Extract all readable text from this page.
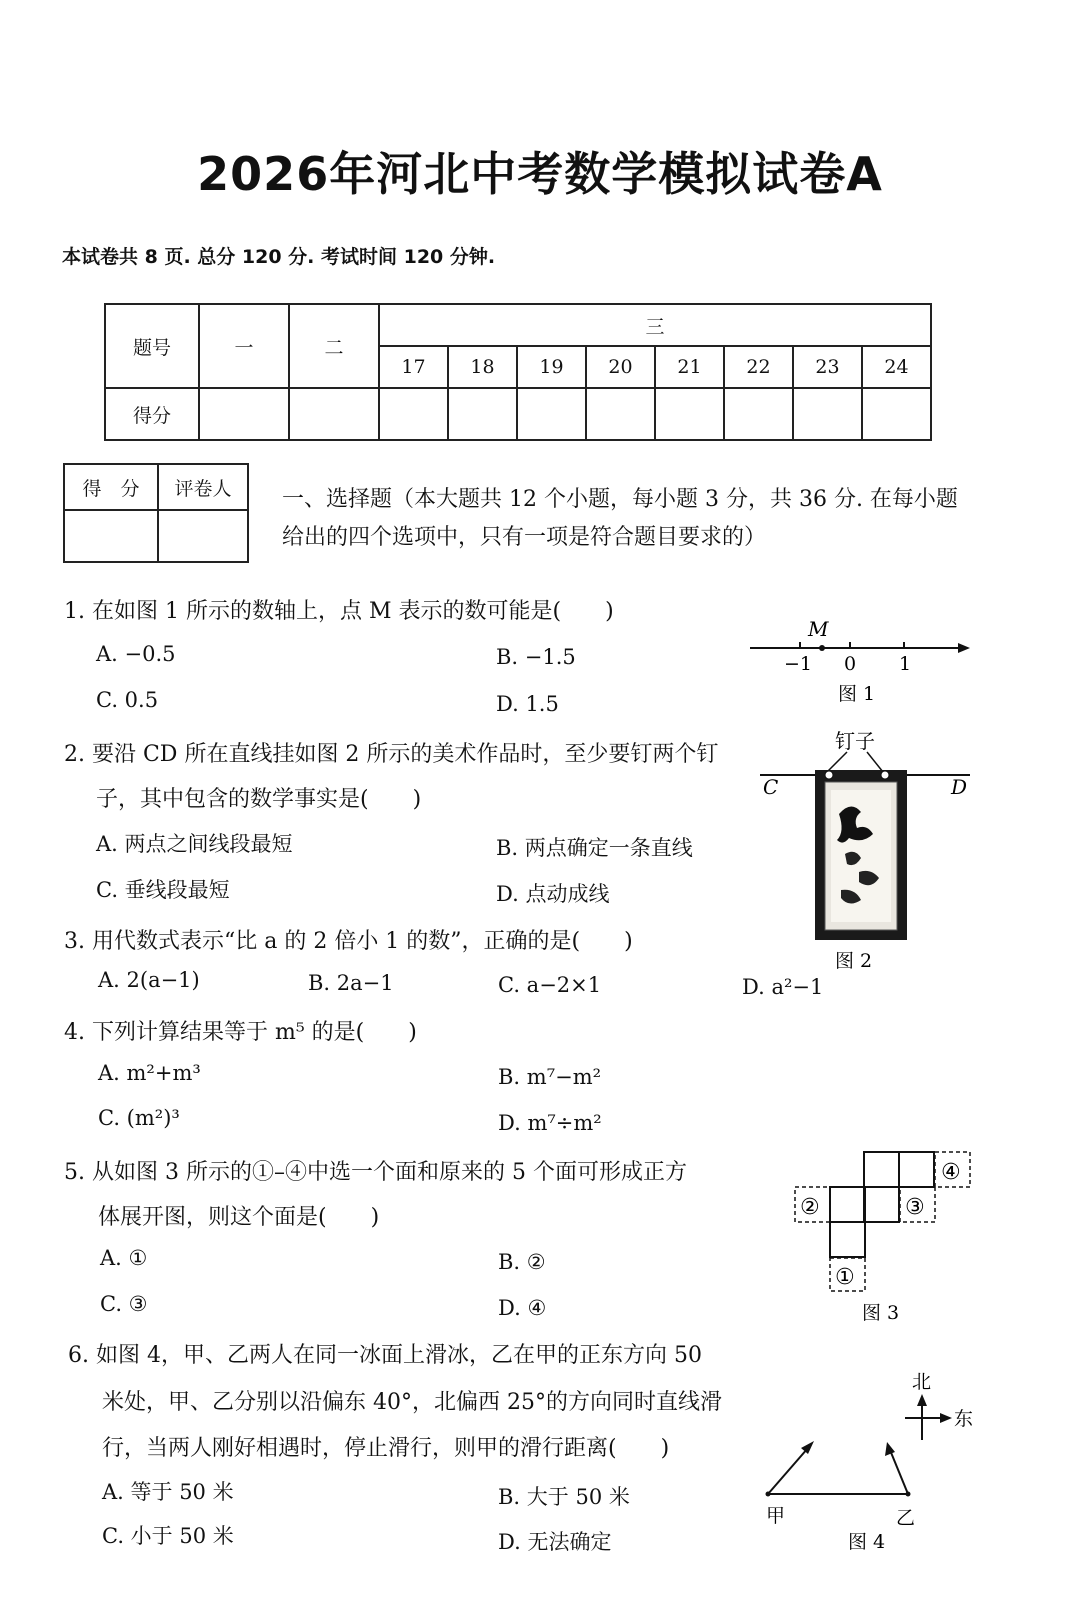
2026年河北中考数学模拟试卷A
本试卷共 8 页. 总分 120 分. 考试时间 120 分钟.
题号	一	二	三							
			17	18	19	20	21	22	23	24
得分										
得　分	评卷人
	一、选择题（本大题共 12 个小题，每小题 3 分，共 36 分. 在每小题
给出的四个选项中，只有一项是符合题目要求的）
1. 在如图 1 所示的数轴上，点 M 表示的数可能是(　　)
A. −0.5	B. −1.5
C. 0.5	D. 1.5
M
−1 0 1
图 1
2. 要沿 CD 所在直线挂如图 2 所示的美术作品时，至少要钉两个钉
子，其中包含的数学事实是(　　)
A. 两点之间线段最短	B. 两点确定一条直线
C. 垂线段最短	D. 点动成线
钉子
C	D
图 2
3. 用代数式表示“比 a 的 2 倍小 1 的数”，正确的是(　　)
A. 2(a−1)	B. 2a−1	C. a−2×1	D. a²−1
4. 下列计算结果等于 m⁵ 的是(　　)
A. m²+m³	B. m⁷−m²
C. (m²)³	D. m⁷÷m²
5. 从如图 3 所示的①–④中选一个面和原来的 5 个面可形成正方
体展开图，则这个面是(　　)
A. ①	B. ②
C. ③	D. ④
④
②	③
①
图 3
6. 如图 4，甲、乙两人在同一冰面上滑冰，乙在甲的正东方向 50
米处，甲、乙分别以沿偏东 40°，北偏西 25°的方向同时直线滑
行，当两人刚好相遇时，停止滑行，则甲的滑行距离(　　)
A. 等于 50 米	B. 大于 50 米
C. 小于 50 米	D. 无法确定
北
东
甲	乙
图 4
